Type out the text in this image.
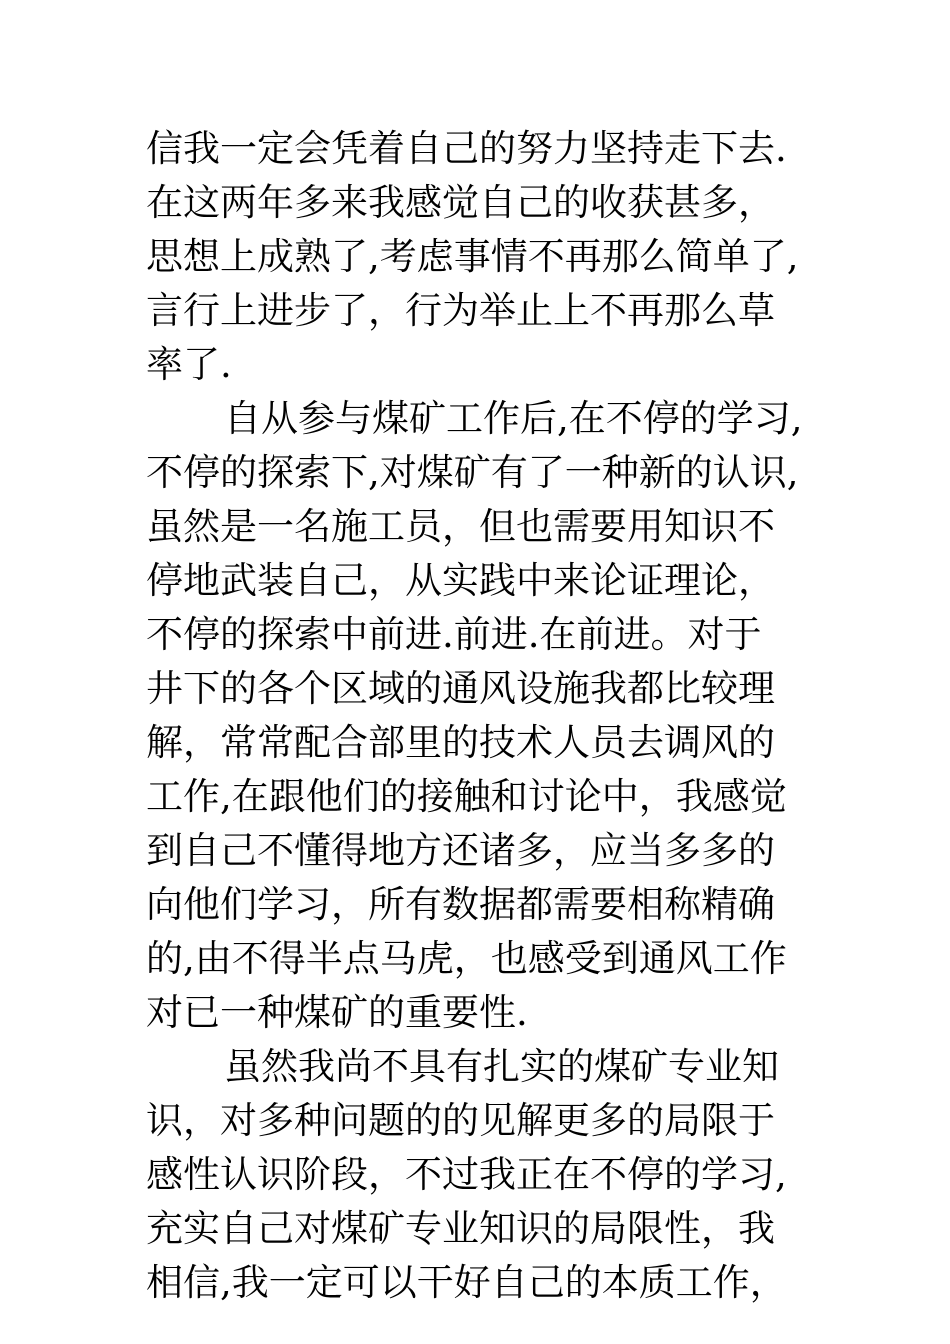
信我一定会凭着自己的努力坚持走下去.
在这两年多来我感觉自己的收获甚多，
思想上成熟了,考虑事情不再那么简单了,
言行上进步了，行为举止上不再那么草
率了.
自从参与煤矿工作后,在不停的学习,
不停的探索下,对煤矿有了一种新的认识,
虽然是一名施工员，但也需要用知识不
停地武装自己，从实践中来论证理论，
不停的探索中前进.前进.在前进。对于
井下的各个区域的通风设施我都比较理
解，常常配合部里的技术人员去调风的
工作,在跟他们的接触和讨论中，我感觉
到自己不懂得地方还诸多，应当多多的
向他们学习，所有数据都需要相称精确
的,由不得半点马虎，也感受到通风工作
对已一种煤矿的重要性.
虽然我尚不具有扎实的煤矿专业知
识，对多种问题的的见解更多的局限于
感性认识阶段，不过我正在不停的学习,
充实自己对煤矿专业知识的局限性，我
相信,我一定可以干好自己的本质工作，
